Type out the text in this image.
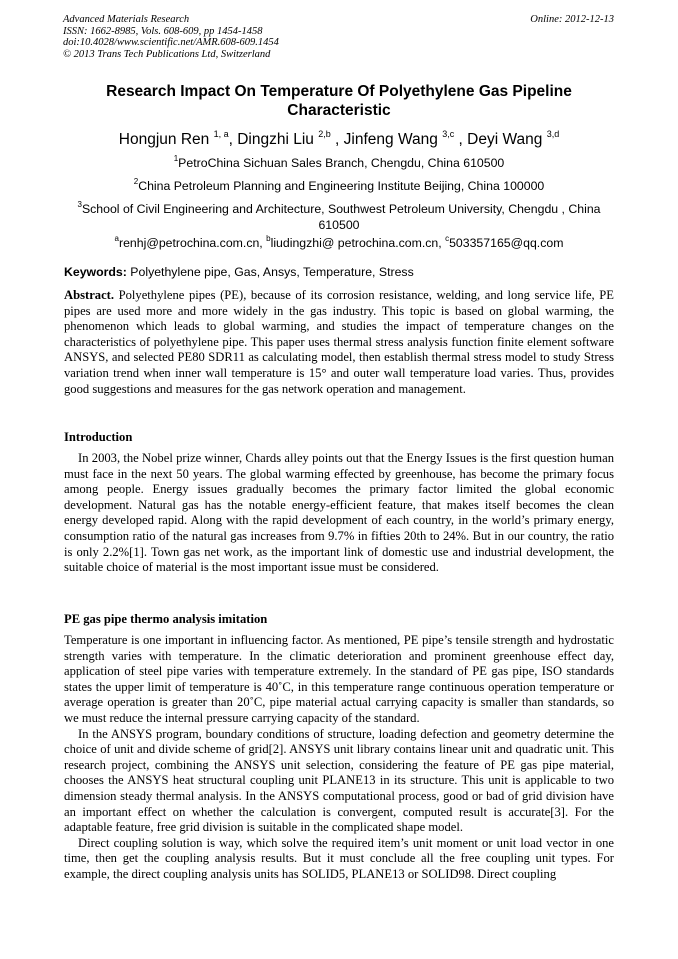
Advanced Materials Research
ISSN: 1662-8985, Vols. 608-609, pp 1454-1458
doi:10.4028/www.scientific.net/AMR.608-609.1454
© 2013 Trans Tech Publications Ltd, Switzerland
Online: 2012-12-13
Research Impact On Temperature Of Polyethylene Gas Pipeline Characteristic
Hongjun Ren $^{1, a}$, Dingzhi Liu $^{2,b}$ , Jinfeng Wang $^{3,c}$ , Deyi Wang $^{3,d}$
$^1$PetroChina Sichuan Sales Branch, Chengdu, China 610500
$^2$China Petroleum Planning and Engineering Institute Beijing, China 100000
$^3$School of Civil Engineering and Architecture, Southwest Petroleum University, Chengdu , China 610500
$^a$renhj@petrochina.com.cn, $^b$liudingzhi@ petrochina.com.cn, $^c$503357165@qq.com
Keywords: Polyethylene pipe, Gas, Ansys, Temperature, Stress

Abstract. Polyethylene pipes (PE), because of its corrosion resistance, welding, and long service life, PE pipes are used more and more widely in the gas industry. This topic is based on global warming, the phenomenon which leads to global warming, and studies the impact of temperature changes on the characteristics of polyethylene pipe. This paper uses thermal stress analysis function finite element software ANSYS, and selected PE80 SDR11 as calculating model, then establish thermal stress model to study Stress variation trend when inner wall temperature is 15° and outer wall temperature load varies. Thus, provides good suggestions and measures for the gas network operation and management.

Introduction

In 2003, the Nobel prize winner, Chards alley points out that the Energy Issues is the first question human must face in the next 50 years. The global warming effected by greenhouse, has become the primary focus among people. Energy issues gradually becomes the primary factor limited the global economic development. Natural gas has the notable energy-efficient feature, that makes itself becomes the clean energy developed rapid. Along with the rapid development of each country, in the world’s primary energy, consumption ratio of the natural gas increases from 9.7% in fifties 20th to 24%. But in our country, the ratio is only 2.2%[1]. Town gas net work, as the important link of domestic use and industrial development, the suitable choice of material is the most important issue must be considered.

PE gas pipe thermo analysis imitation

Temperature is one important in influencing factor. As mentioned, PE pipe’s tensile strength and hydrostatic strength varies with temperature. In the climatic deterioration and prominent greenhouse effect day, application of steel pipe varies with temperature extremely. In the standard of PE gas pipe, ISO standards states the upper limit of temperature is 40˚C, in this temperature range continuous operation temperature or average operation is greater than 20˚C, pipe material actual carrying capacity is smaller than standards, so we must reduce the internal pressure carrying capacity of the standard.

In the ANSYS program, boundary conditions of structure, loading defection and geometry determine the choice of unit and divide scheme of grid[2]. ANSYS unit library contains linear unit and quadratic unit. This research project, combining the ANSYS unit selection, considering the feature of PE gas pipe material, chooses the ANSYS heat structural coupling unit PLANE13 in its structure. This unit is applicable to two dimension steady thermal analysis. In the ANSYS computational process, good or bad of grid division have an important effect on whether the calculation is convergent, computed result is accurate[3]. For the adaptable feature, free grid division is suitable in the complicated shape model.

Direct coupling solution is way, which solve the required item’s unit moment or unit load vector in one time, then get the coupling analysis results. But it must conclude all the free coupling unit types. For example, the direct coupling analysis units has SOLID5, PLANE13 or SOLID98. Direct coupling
